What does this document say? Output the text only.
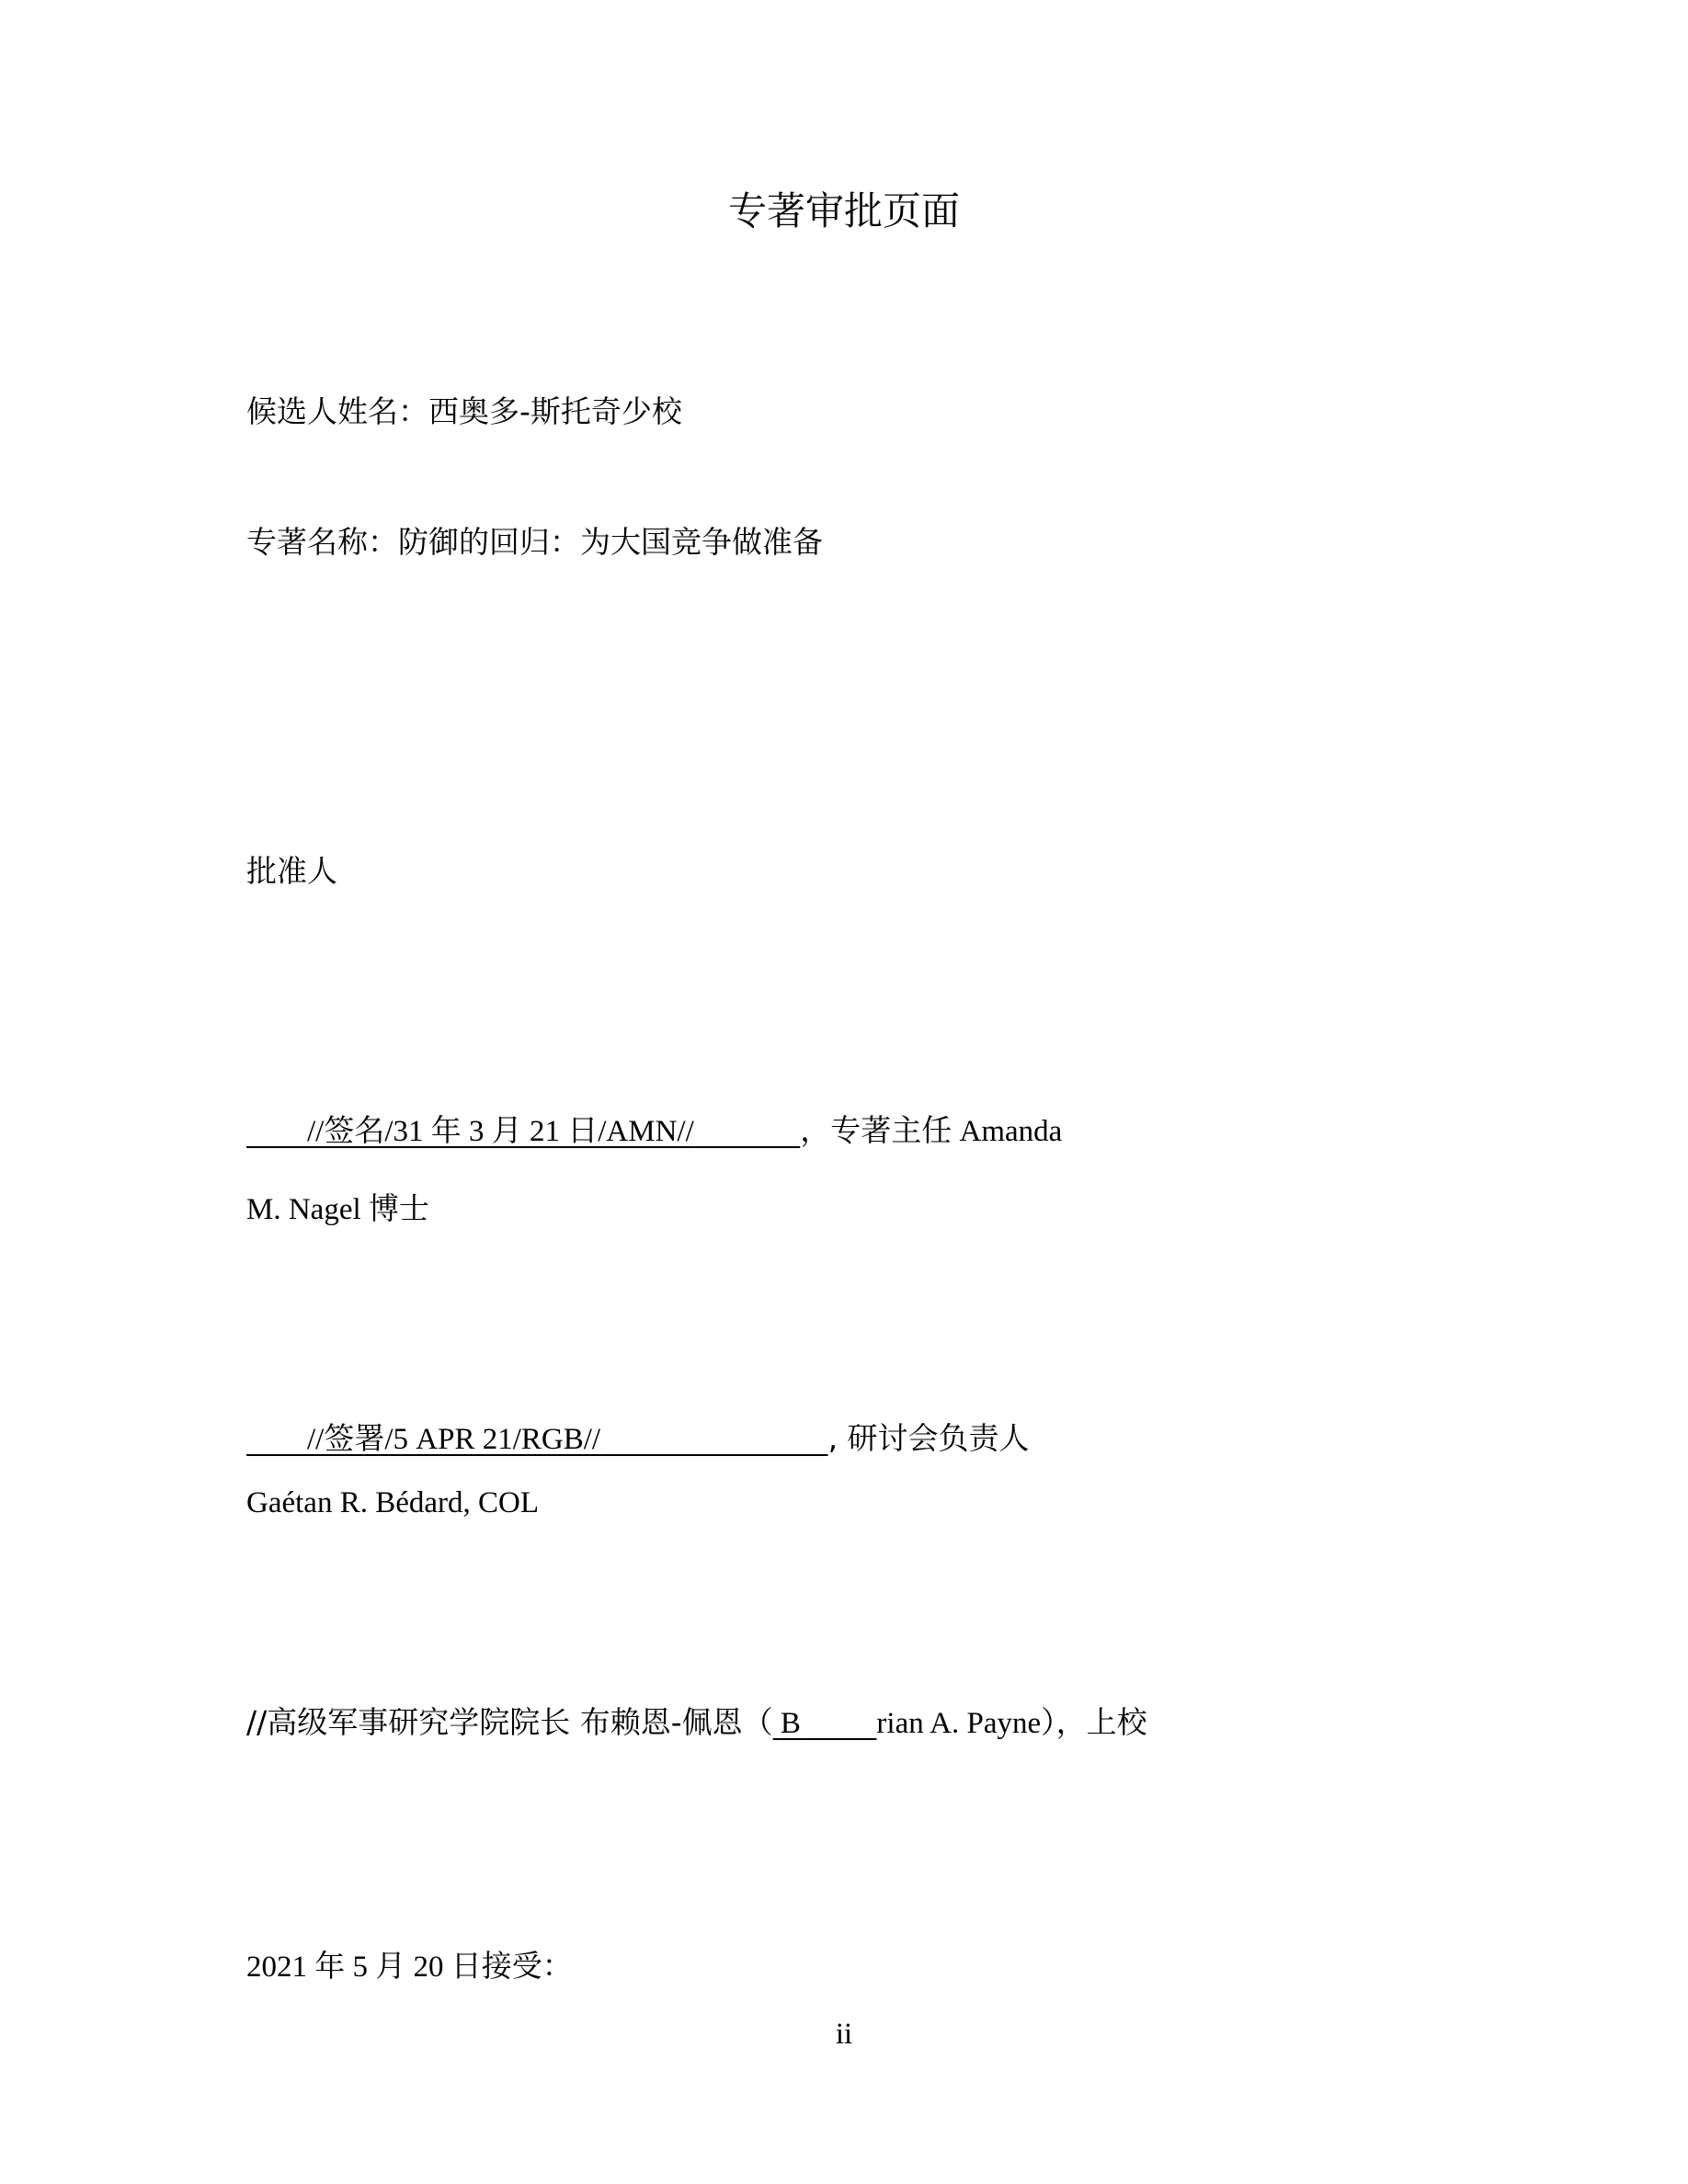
专著审批页面
候选人姓名：西奥多-斯托奇少校
专著名称：防御的回归：为大国竞争做准备
批准人
//签名/31 年 3 月 21 日/AMN//	，专著主任 Amanda
M. Nagel 博士
//签署/5 APR 21/RGB//	, 研讨会负责人
Gaétan R. Bédard, COL
//高级军事研究学院院长 布赖恩-佩恩（ B	rian A. Payne），上校
2021 年 5 月 20 日接受：
ii
